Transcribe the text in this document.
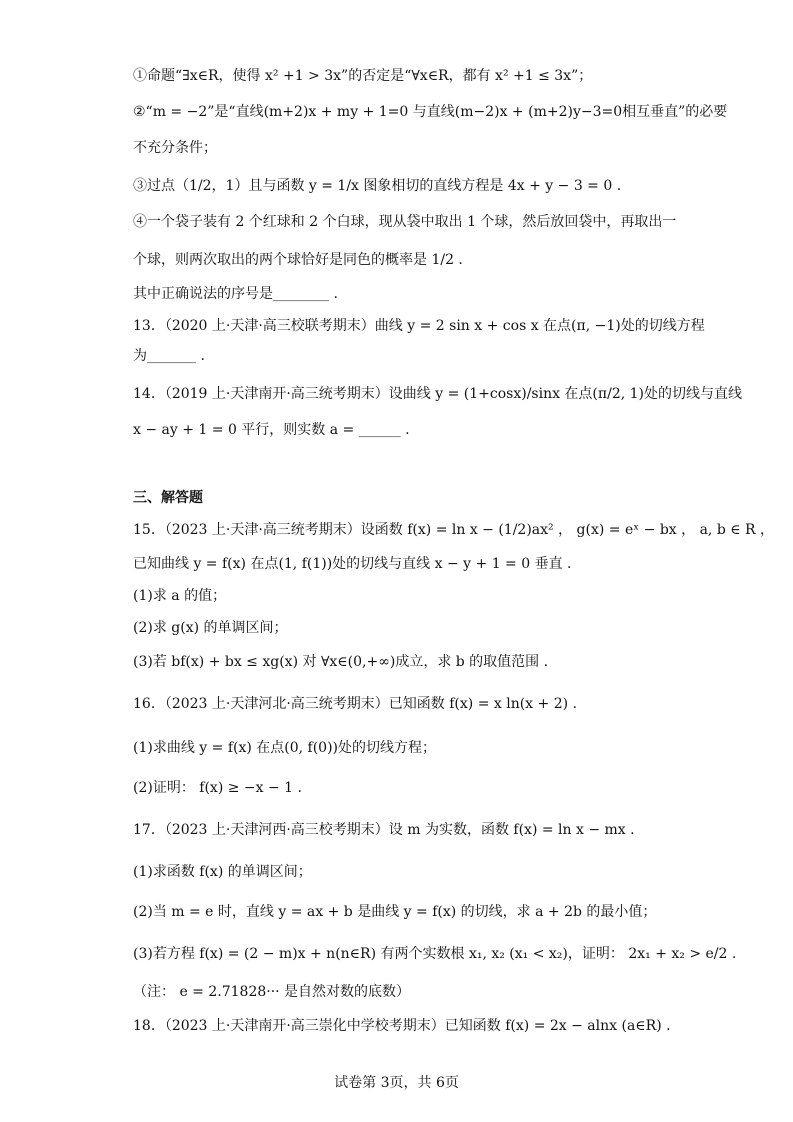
①命题“∃x∈R，使得 x² +1 > 3x”的否定是“∀x∈R，都有 x² +1 ≤ 3x”；
②“m = −2”是“直线(m+2)x + my + 1=0 与直线(m−2)x + (m+2)y−3=0相互垂直”的必要
不充分条件；
③过点（1/2，1）且与函数 y = 1/x 图象相切的直线方程是 4x + y − 3 = 0 .
④一个袋子装有 2 个红球和 2 个白球，现从袋中取出 1 个球，然后放回袋中，再取出一
个球，则两次取出的两个球恰好是同色的概率是 1/2 .
其中正确说法的序号是________ .
13．（2020 上·天津·高三校联考期末）曲线 y = 2 sin x + cos x 在点(π, −1)处的切线方程
为_______ .
14．（2019 上·天津南开·高三统考期末）设曲线 y = (1+cosx)/sinx 在点(π/2, 1)处的切线与直线
x − ay + 1 = 0 平行，则实数 a = ______ .
三、解答题
15．（2023 上·天津·高三统考期末）设函数 f(x) = ln x − (1/2)ax² ， g(x) = eˣ − bx ， a, b ∈ R ，
已知曲线 y = f(x) 在点(1, f(1))处的切线与直线 x − y + 1 = 0 垂直 .
(1)求 a 的值；
(2)求 g(x) 的单调区间；
(3)若 bf(x) + bx ≤ xg(x) 对 ∀x∈(0,+∞)成立，求 b 的取值范围 .
16．（2023 上·天津河北·高三统考期末）已知函数 f(x) = x ln(x + 2) .
(1)求曲线 y = f(x) 在点(0, f(0))处的切线方程；
(2)证明： f(x) ≥ −x − 1 .
17．（2023 上·天津河西·高三校考期末）设 m 为实数，函数 f(x) = ln x − mx .
(1)求函数 f(x) 的单调区间；
(2)当 m = e 时，直线 y = ax + b 是曲线 y = f(x) 的切线，求 a + 2b 的最小值；
(3)若方程 f(x) = (2 − m)x + n(n∈R) 有两个实数根 x₁, x₂ (x₁ < x₂)，证明： 2x₁ + x₂ > e/2 .
（注： e = 2.71828··· 是自然对数的底数）
18．（2023 上·天津南开·高三崇化中学校考期末）已知函数 f(x) = 2x − alnx (a∈R) .
试卷第 3页，共 6页
